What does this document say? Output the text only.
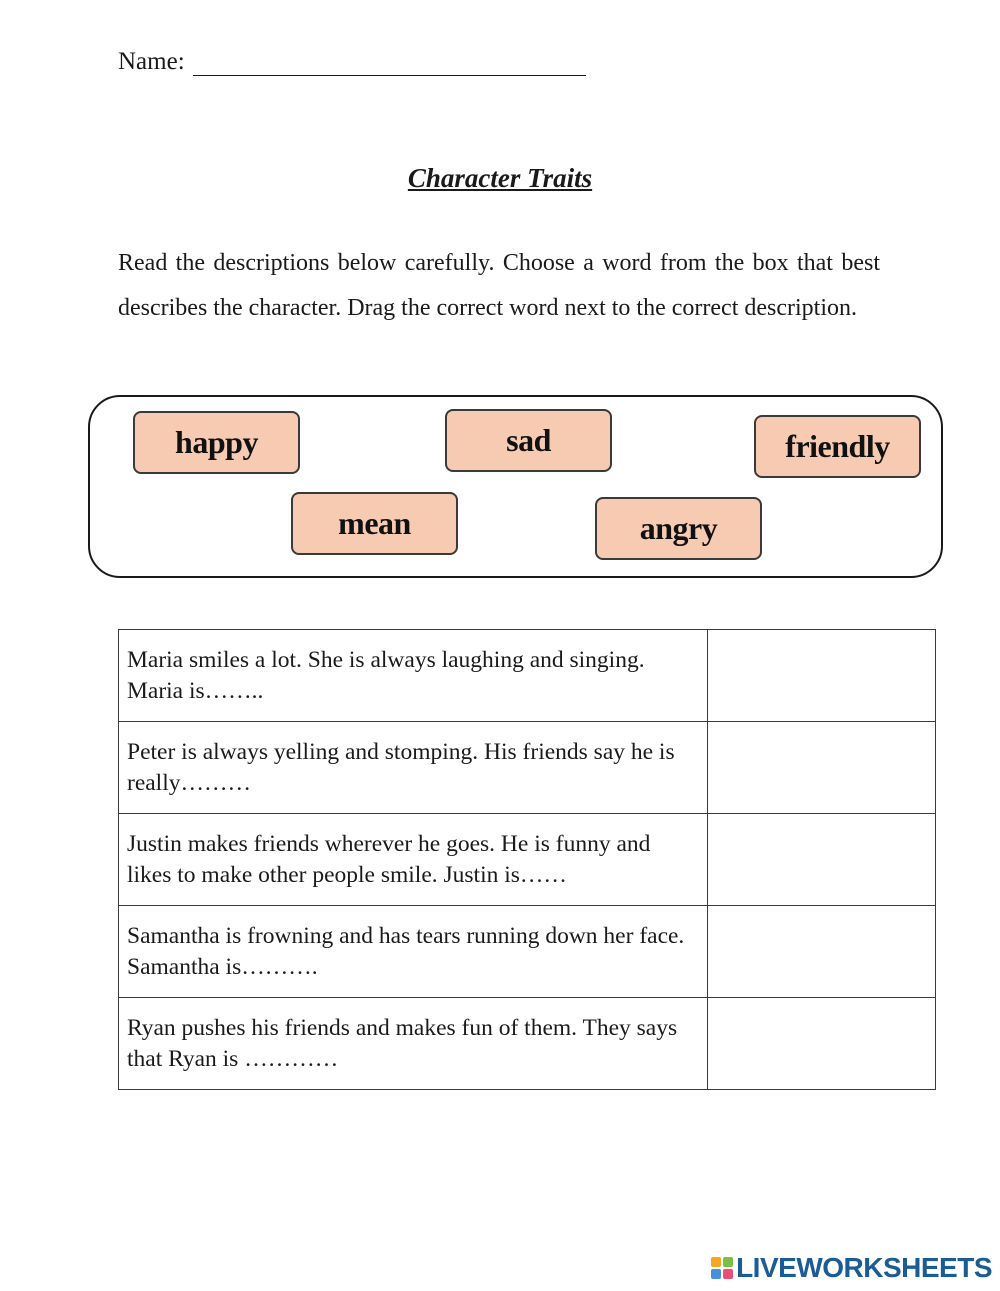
Name:
Character Traits

Read the descriptions below carefully. Choose a word from the box that best describes the character. Drag the correct word next to the correct description.

happy	sad	friendly
mean	angry
Maria smiles a lot. She is always laughing and singing. Maria is……..	

Peter is always yelling and stomping. His friends say he is really………	

Justin makes friends wherever he goes. He is funny and likes to make other people smile. Justin is……	

Samantha is frowning and has tears running down her face. Samantha is……….	

Ryan pushes his friends and makes fun of them. They says that Ryan is …………	
LIVEWORKSHEETS
